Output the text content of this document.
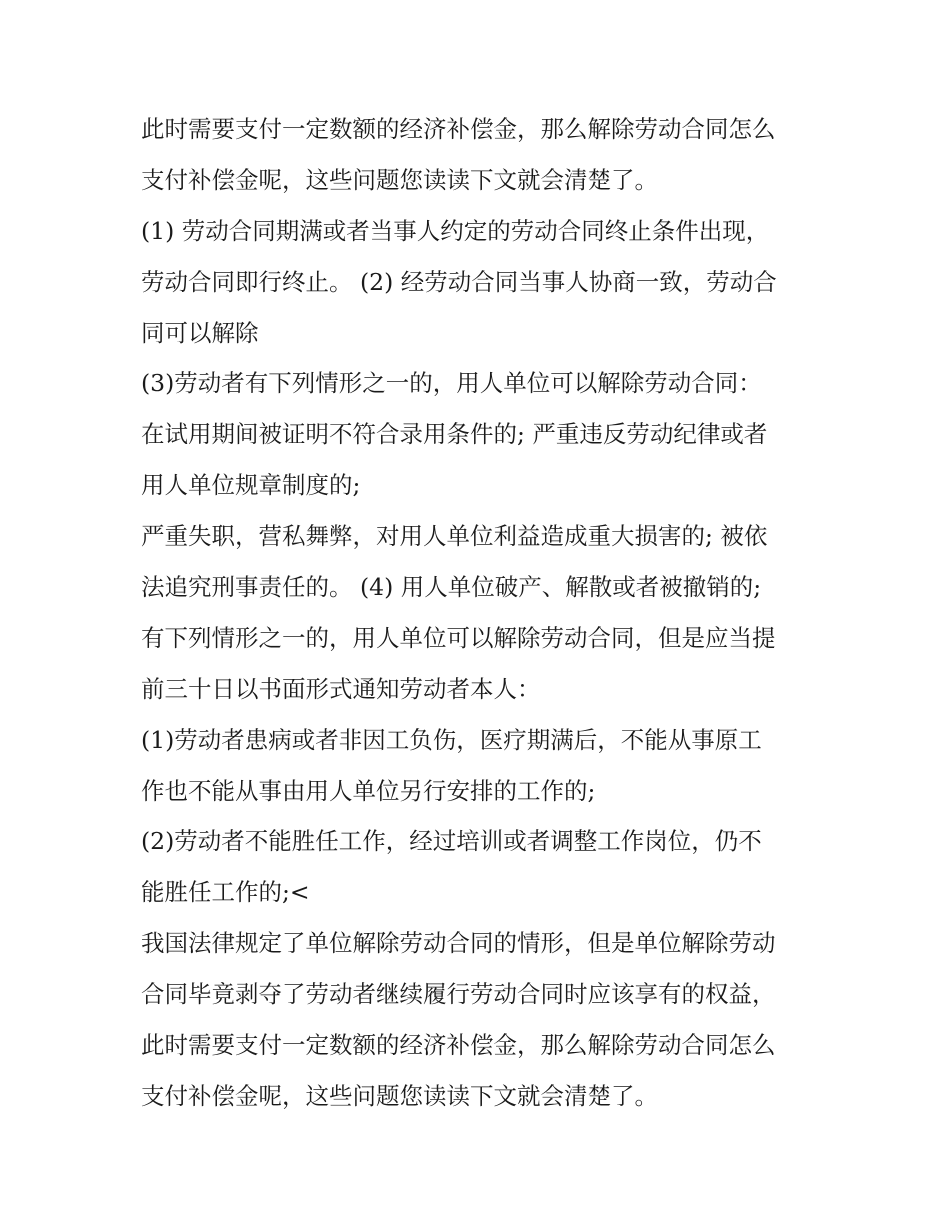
此时需要支付一定数额的经济补偿金，那么解除劳动合同怎么
支付补偿金呢，这些问题您读读下文就会清楚了。
(1) 劳动合同期满或者当事人约定的劳动合同终止条件出现，
劳动合同即行终止。 (2) 经劳动合同当事人协商一致，劳动合
同可以解除
(3)劳动者有下列情形之一的，用人单位可以解除劳动合同：
在试用期间被证明不符合录用条件的; 严重违反劳动纪律或者
用人单位规章制度的;
严重失职，营私舞弊，对用人单位利益造成重大损害的; 被依
法追究刑事责任的。 (4) 用人单位破产、解散或者被撤销的;
有下列情形之一的，用人单位可以解除劳动合同，但是应当提
前三十日以书面形式通知劳动者本人：
(1)劳动者患病或者非因工负伤，医疗期满后，不能从事原工
作也不能从事由用人单位另行安排的工作的;
(2)劳动者不能胜任工作，经过培训或者调整工作岗位，仍不
能胜任工作的;<
我国法律规定了单位解除劳动合同的情形，但是单位解除劳动
合同毕竟剥夺了劳动者继续履行劳动合同时应该享有的权益，
此时需要支付一定数额的经济补偿金，那么解除劳动合同怎么
支付补偿金呢，这些问题您读读下文就会清楚了。
